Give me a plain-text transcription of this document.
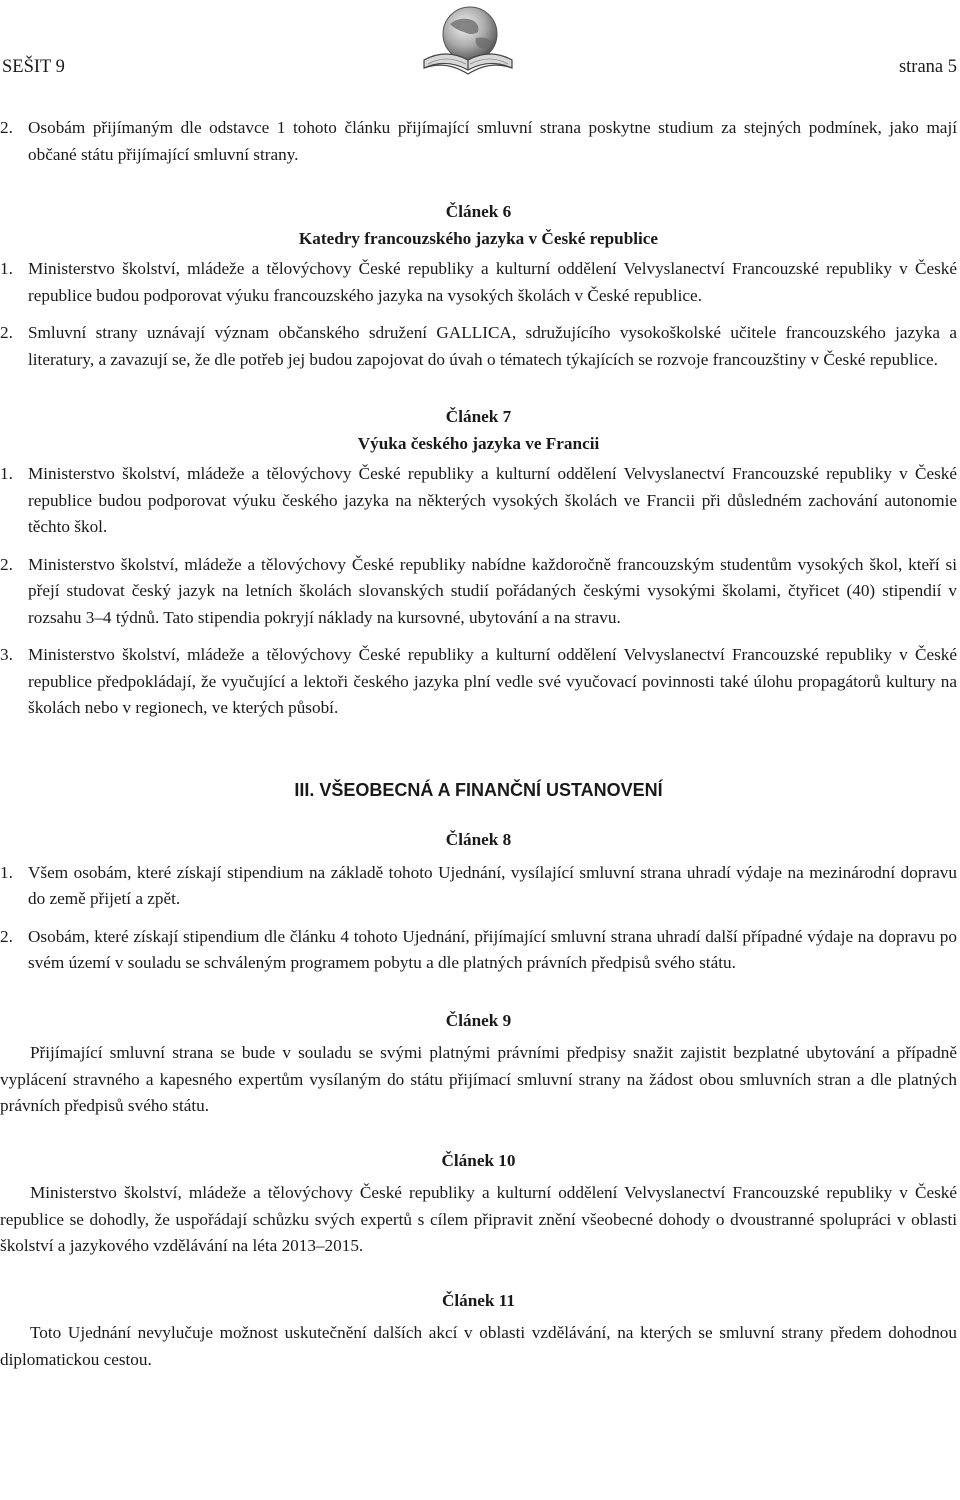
SEŠIT 9	strana 5

2. Osobám přijímaným dle odstavce 1 tohoto článku přijímající smluvní strana poskytne studium za stejných podmínek, jako mají občané státu přijímající smluvní strany.

Článek 6

Katedry francouzského jazyka v České republice

1. Ministerstvo školství, mládeže a tělovýchovy České republiky a kulturní oddělení Velvyslanectví Francouzské republiky v České republice budou podporovat výuku francouzského jazyka na vysokých školách v České republice.

2. Smluvní strany uznávají význam občanského sdružení GALLICA, sdružujícího vysokoškolské učitele francouzského jazyka a literatury, a zavazují se, že dle potřeb jej budou zapojovat do úvah o tématech týkajících se rozvoje francouzštiny v České republice.

Článek 7

Výuka českého jazyka ve Francii

1. Ministerstvo školství, mládeže a tělovýchovy České republiky a kulturní oddělení Velvyslanectví Francouzské republiky v České republice budou podporovat výuku českého jazyka na některých vysokých školách ve Francii při důsledném zachování autonomie těchto škol.

2. Ministerstvo školství, mládeže a tělovýchovy České republiky nabídne každoročně francouzským studentům vysokých škol, kteří si přejí studovat český jazyk na letních školách slovanských studií pořádaných českými vysokými školami, čtyřicet (40) stipendií v rozsahu 3–4 týdnů. Tato stipendia pokryjí náklady na kursovné, ubytování a na stravu.

3. Ministerstvo školství, mládeže a tělovýchovy České republiky a kulturní oddělení Velvyslanectví Francouzské republiky v České republice předpokládají, že vyučující a lektoři českého jazyka plní vedle své vyučovací povinnosti také úlohu propagátorů kultury na školách nebo v regionech, ve kterých působí.

III. VŠEOBECNÁ A FINANČNÍ USTANOVENÍ

Článek 8

1. Všem osobám, které získají stipendium na základě tohoto Ujednání, vysílající smluvní strana uhradí výdaje na mezinárodní dopravu do země přijetí a zpět.

2. Osobám, které získají stipendium dle článku 4 tohoto Ujednání, přijímající smluvní strana uhradí další případné výdaje na dopravu po svém území v souladu se schváleným programem pobytu a dle platných právních předpisů svého státu.

Článek 9

Přijímající smluvní strana se bude v souladu se svými platnými právními předpisy snažit zajistit bezplatné ubytování a případně vyplácení stravného a kapesného expertům vysílaným do státu přijímací smluvní strany na žádost obou smluvních stran a dle platných právních předpisů svého státu.

Článek 10

Ministerstvo školství, mládeže a tělovýchovy České republiky a kulturní oddělení Velvyslanectví Francouzské republiky v České republice se dohodly, že uspořádají schůzku svých expertů s cílem připravit znění všeobecné dohody o dvoustranné spolupráci v oblasti školství a jazykového vzdělávání na léta 2013–2015.

Článek 11

Toto Ujednání nevylučuje možnost uskutečnění dalších akcí v oblasti vzdělávání, na kterých se smluvní strany předem dohodnou diplomatickou cestou.
